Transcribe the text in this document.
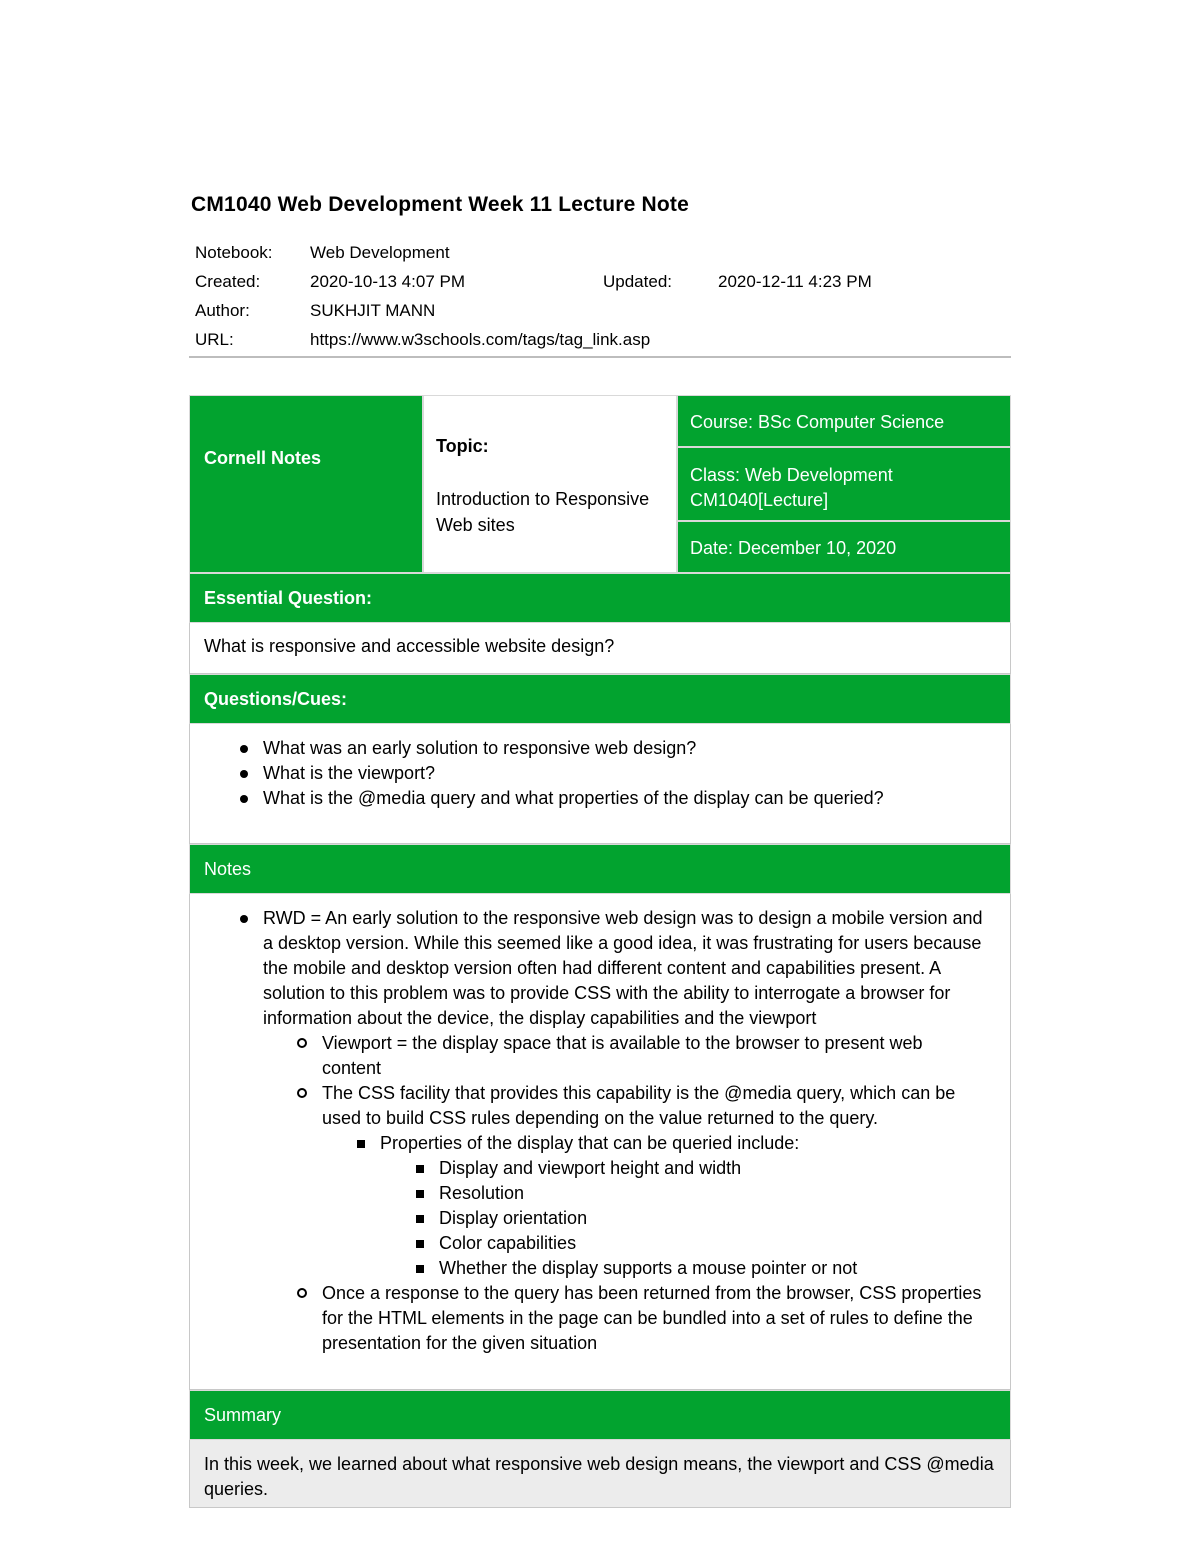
CM1040 Web Development Week 11 Lecture Note
Notebook: Web Development
Created:	2020-10-13 4:07 PM	Updated:	2020-12-11 4:23 PM
Author:	SUKHJIT MANN
URL:	https://www.w3schools.com/tags/tag_link.asp
Cornell Notes
Topic:
Introduction to Responsive Web sites
Course: BSc Computer Science
Class: Web Development CM1040[Lecture]
Date: December 10, 2020
Essential Question:
What is responsive and accessible website design?
Questions/Cues:
What was an early solution to responsive web design?
What is the viewport?
What is the @media query and what properties of the display can be queried?
Notes
RWD = An early solution to the responsive web design was to design a mobile version and a desktop version. While this seemed like a good idea, it was frustrating for users because the mobile and desktop version often had different content and capabilities present. A solution to this problem was to provide CSS with the ability to interrogate a browser for information about the device, the display capabilities and the viewport
Viewport = the display space that is available to the browser to present web content
The CSS facility that provides this capability is the @media query, which can be used to build CSS rules depending on the value returned to the query.
Properties of the display that can be queried include:
Display and viewport height and width
Resolution
Display orientation
Color capabilities
Whether the display supports a mouse pointer or not
Once a response to the query has been returned from the browser, CSS properties for the HTML elements in the page can be bundled into a set of rules to define the presentation for the given situation
Summary
In this week, we learned about what responsive web design means, the viewport and CSS @media queries.
